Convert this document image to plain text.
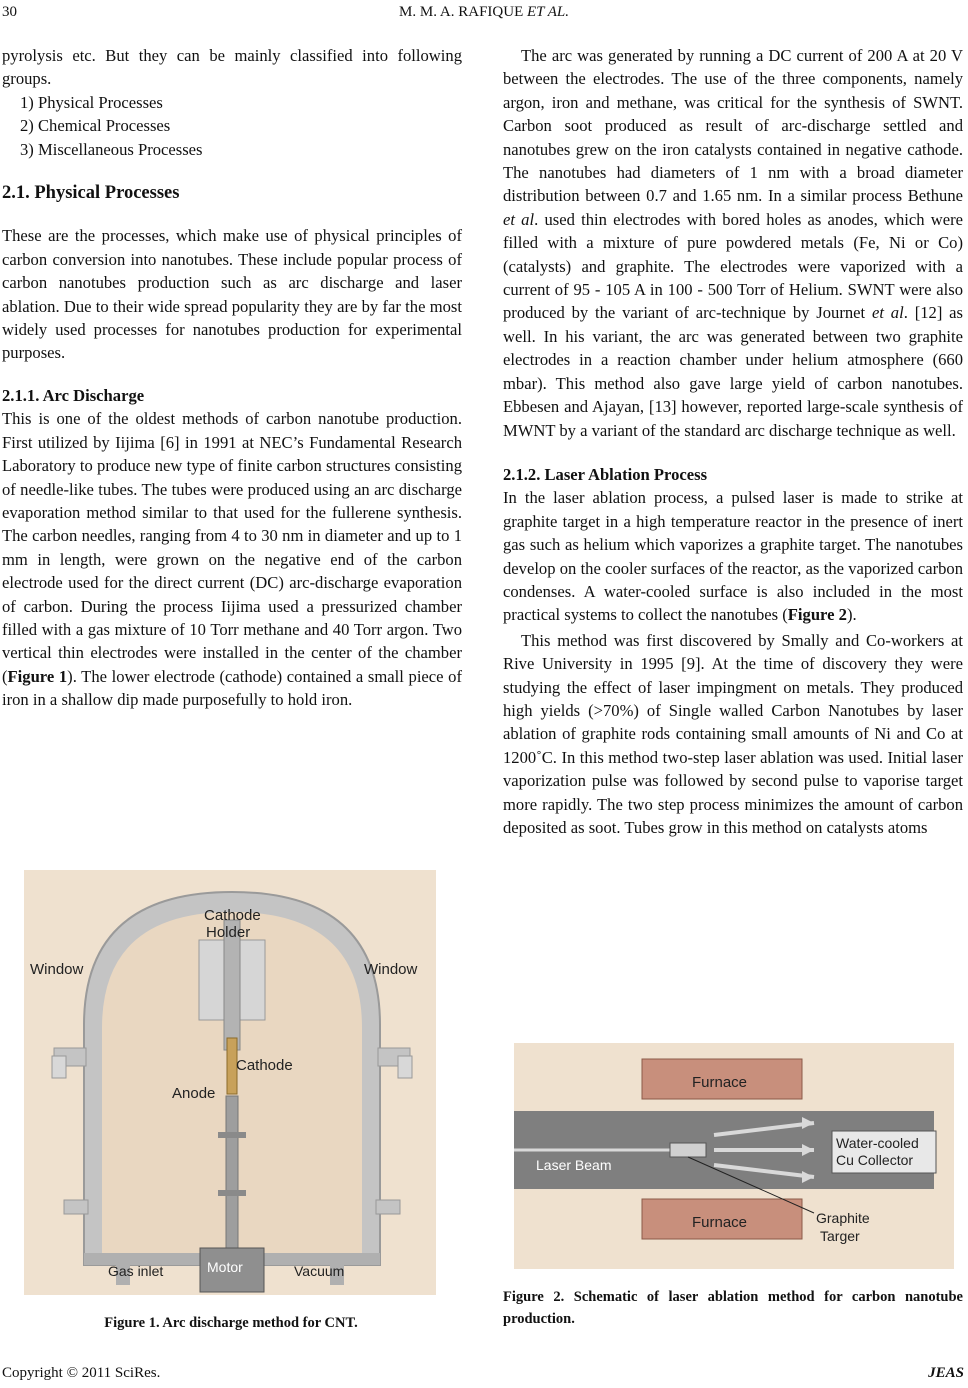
30	M. M. A. RAFIQUE ET AL.

pyrolysis etc. But they can be mainly classified into following groups.

1) Physical Processes

2) Chemical Processes

3) Miscellaneous Processes

2.1. Physical Processes

These are the processes, which make use of physical principles of carbon conversion into nanotubes. These include popular process of carbon nanotubes production such as arc discharge and laser ablation. Due to their wide spread popularity they are by far the most widely used processes for nanotubes production for experimental purposes.

2.1.1. Arc Discharge

This is one of the oldest methods of carbon nanotube production. First utilized by Iijima [6] in 1991 at NEC’s Fundamental Research Laboratory to produce new type of finite carbon structures consisting of needle-like tubes. The tubes were produced using an arc discharge evaporation method similar to that used for the fullerene synthesis. The carbon needles, ranging from 4 to 30 nm in diameter and up to 1 mm in length, were grown on the negative end of the carbon electrode used for the direct current (DC) arc-discharge evaporation of carbon. During the process Iijima used a pressurized chamber filled with a gas mixture of 10 Torr methane and 40 Torr argon. Two vertical thin electrodes were installed in the center of the chamber (Figure 1). The lower electrode (cathode) contained a small piece of iron in a shallow dip made purposefully to hold iron.

Cathode
Holder
Window	Window
Cathode
Anode
Gas inlet	Motor	Vacuum
Figure 1. Arc discharge method for CNT.

The arc was generated by running a DC current of 200 A at 20 V between the electrodes. The use of the three components, namely argon, iron and methane, was critical for the synthesis of SWNT. Carbon soot produced as result of arc-discharge settled and nanotubes grew on the iron catalysts contained in negative cathode. The nanotubes had diameters of 1 nm with a broad diameter distribution between 0.7 and 1.65 nm. In a similar process Bethune et al. used thin electrodes with bored holes as anodes, which were filled with a mixture of pure powdered metals (Fe, Ni or Co) (catalysts) and graphite. The electrodes were vaporized with a current of 95 - 105 A in 100 - 500 Torr of Helium. SWNT were also produced by the variant of arc-technique by Journet et al. [12] as well. In his variant, the arc was generated between two graphite electrodes in a reaction chamber under helium atmosphere (660 mbar). This method also gave large yield of carbon nanotubes. Ebbesen and Ajayan, [13] however, reported large-scale synthesis of MWNT by a variant of the standard arc discharge technique as well.

2.1.2. Laser Ablation Process

In the laser ablation process, a pulsed laser is made to strike at graphite target in a high temperature reactor in the presence of inert gas such as helium which vaporizes a graphite target. The nanotubes develop on the cooler surfaces of the reactor, as the vaporized carbon condenses. A water-cooled surface is also included in the most practical systems to collect the nanotubes (Figure 2).

This method was first discovered by Smally and Co-workers at Rive University in 1995 [9]. At the time of discovery they were studying the effect of laser impingment on metals. They produced high yields (>70%) of Single walled Carbon Nanotubes by laser ablation of graphite rods containing small amounts of Ni and Co at 1200˚C. In this method two-step laser ablation was used. Initial laser vaporization pulse was followed by second pulse to vaporise target more rapidly. The two step process minimizes the amount of carbon deposited as soot. Tubes grow in this method on catalysts atoms

Furnace
Furnace
Water-cooled
Cu Collector
Laser Beam
Graphite
Targer
Figure 2. Schematic of laser ablation method for carbon nanotube production.
Copyright © 2011 SciRes.	JEAS
